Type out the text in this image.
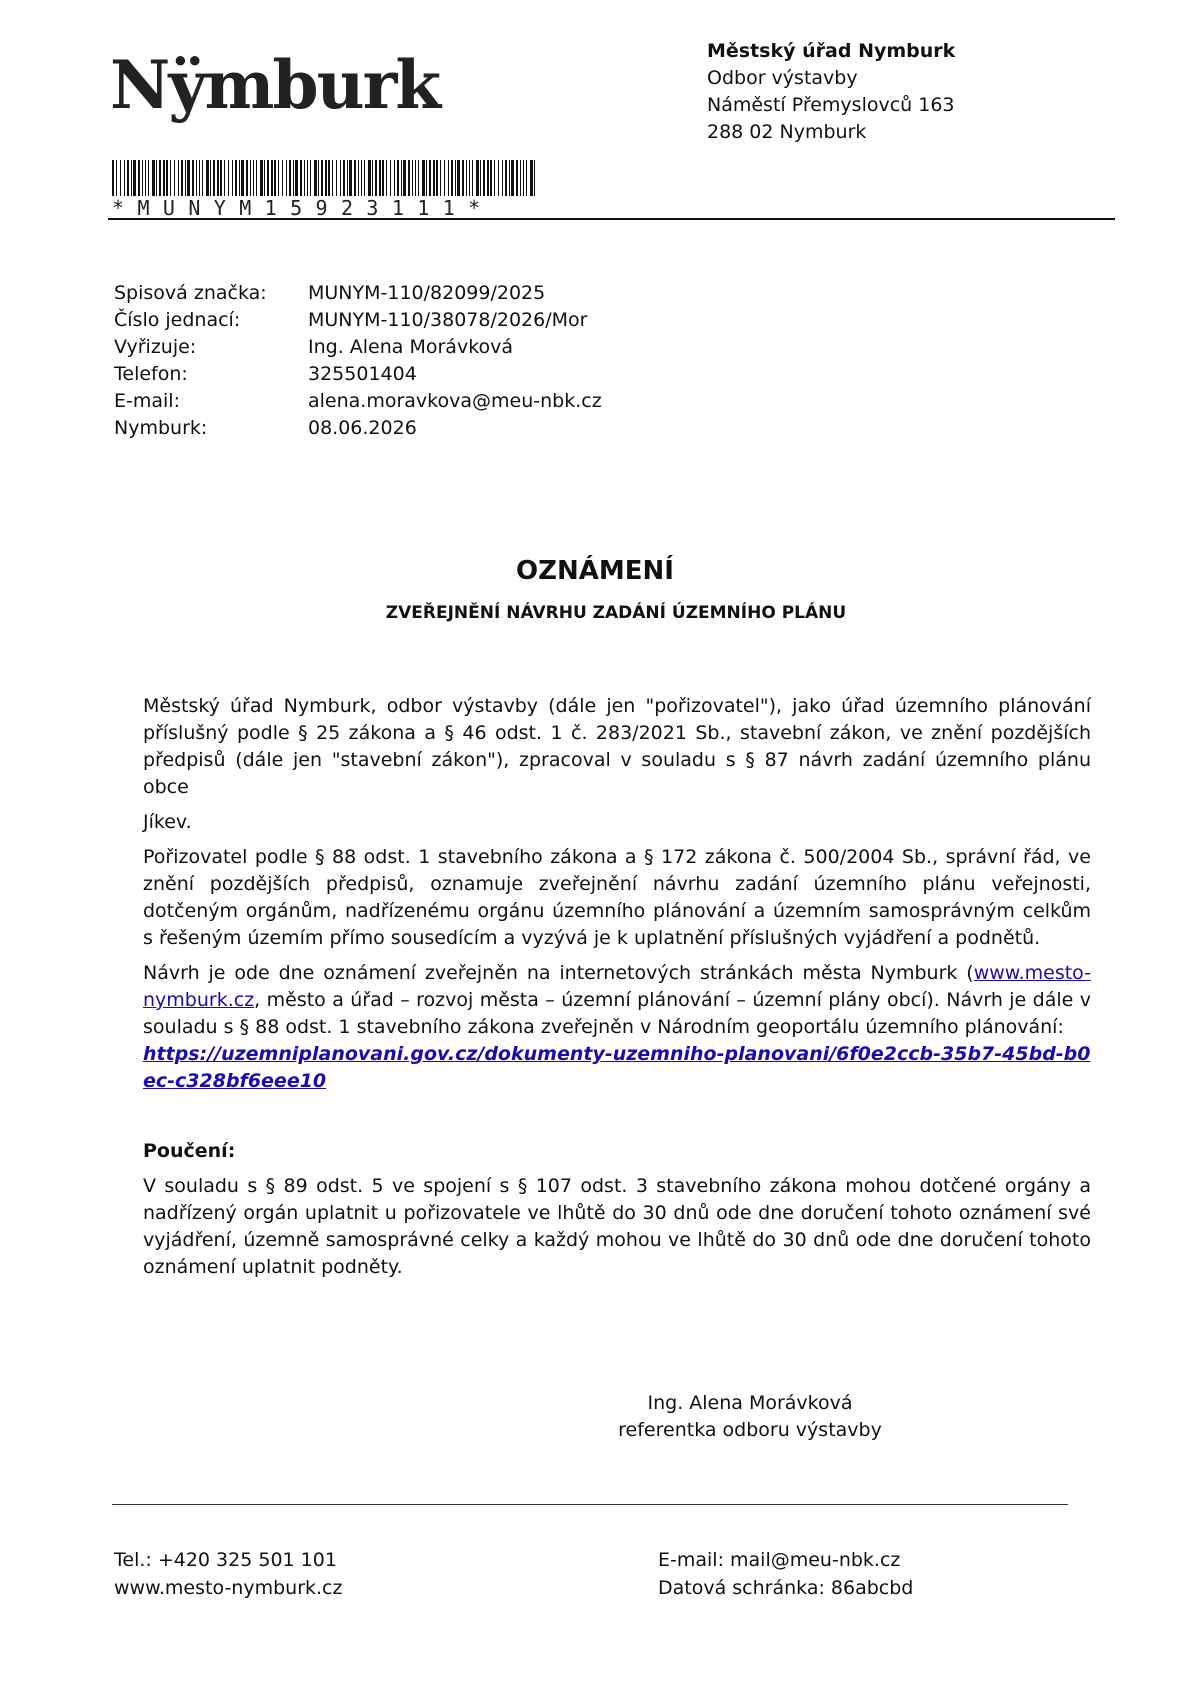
Nÿmburk	Městský úřad Nymburk
Odbor výstavby
Náměstí Přemyslovců 163
288 02 Nymburk
*MUNYM15923111*
Spisová značka:	MUNYM-110/82099/2025
Číslo jednací:	MUNYM-110/38078/2026/Mor
Vyřizuje:	Ing. Alena Morávková
Telefon:	325501404
E-mail:	alena.moravkova@meu-nbk.cz
Nymburk:	08.06.2026
OZNÁMENÍ
ZVEŘEJNĚNÍ NÁVRHU ZADÁNÍ ÚZEMNÍHO PLÁNU

Městský úřad Nymburk, odbor výstavby (dále jen "pořizovatel"), jako úřad územního plánování příslušný podle § 25 zákona a § 46 odst. 1 č. 283/2021 Sb., stavební zákon, ve znění pozdějších předpisů (dále jen "stavební zákon"), zpracoval v souladu s § 87 návrh zadání územního plánu obce

Jíkev.

Pořizovatel podle § 88 odst. 1 stavebního zákona a § 172 zákona č. 500/2004 Sb., správní řád, ve znění pozdějších předpisů, oznamuje zveřejnění návrhu zadání územního plánu veřejnosti, dotčeným orgánům, nadřízenému orgánu územního plánování a územním samosprávným celkům s řešeným územím přímo sousedícím a vyzývá je k uplatnění příslušných vyjádření a podnětů.

Návrh je ode dne oznámení zveřejněn na internetových stránkách města Nymburk (www.mesto-nymburk.cz, město a úřad – rozvoj města – územní plánování – územní plány obcí). Návrh je dále v souladu s § 88 odst. 1 stavebního zákona zveřejněn v Národním geoportálu územního plánování:
https://uzemniplanovani.gov.cz/dokumenty-uzemniho-planovani/6f0e2ccb-35b7-45bd-b0ec-c328bf6eee10

Poučení:

V souladu s § 89 odst. 5 ve spojení s § 107 odst. 3 stavebního zákona mohou dotčené orgány a nadřízený orgán uplatnit u pořizovatele ve lhůtě do 30 dnů ode dne doručení tohoto oznámení své vyjádření, územně samosprávné celky a každý mohou ve lhůtě do 30 dnů ode dne doručení tohoto oznámení uplatnit podněty.

Ing. Alena Morávková
referentka odboru výstavby
Tel.: +420 325 501 101
www.mesto-nymburk.cz
E-mail: mail@meu-nbk.cz
Datová schránka: 86abcbd
